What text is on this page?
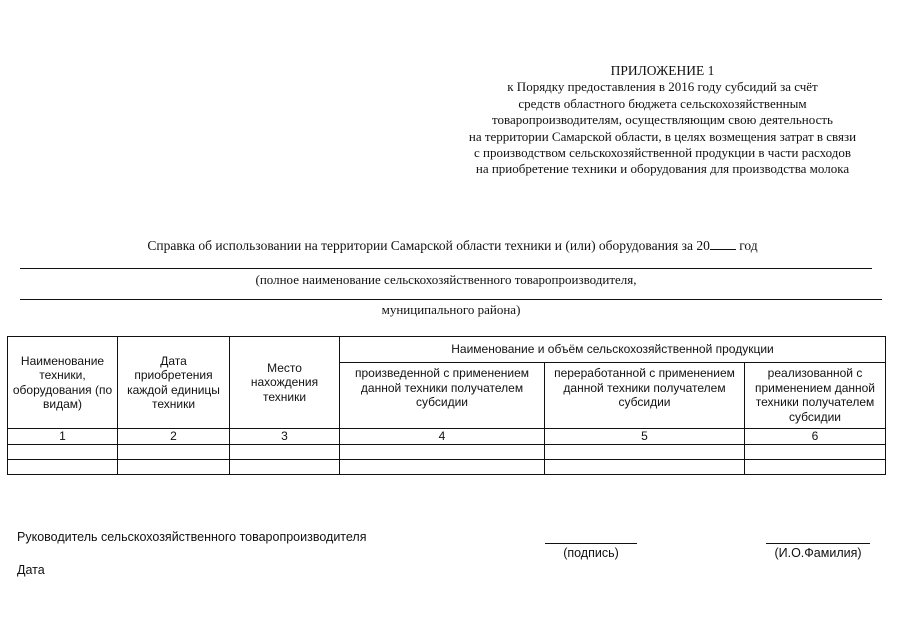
ПРИЛОЖЕНИЕ 1
к Порядку предоставления в 2016 году субсидий за счёт
средств областного бюджета сельскохозяйственным
товаропроизводителям, осуществляющим свою деятельность
на территории Самарской области, в целях возмещения затрат в связи
с производством сельскохозяйственной продукции в части расходов
на приобретение техники и оборудования для производства молока
Справка об использовании на территории Самарской области техники и (или) оборудования за 20 год
(полное наименование сельскохозяйственного товаропроизводителя,
муниципального района)
Наименование техники, оборудования (по видам)	Дата приобретения каждой единицы техники	Место нахождения техники	Наименование и объём сельскохозяйственной продукции		
			произведенной с применением данной техники получателем субсидии	переработанной с применением данной техники получателем субсидии	реализованной с применением данной техники получателем субсидии
1	2	3	4	5	6

Руководитель сельскохозяйственного товаропроизводителя
(подпись)	(И.О.Фамилия)
Дата
